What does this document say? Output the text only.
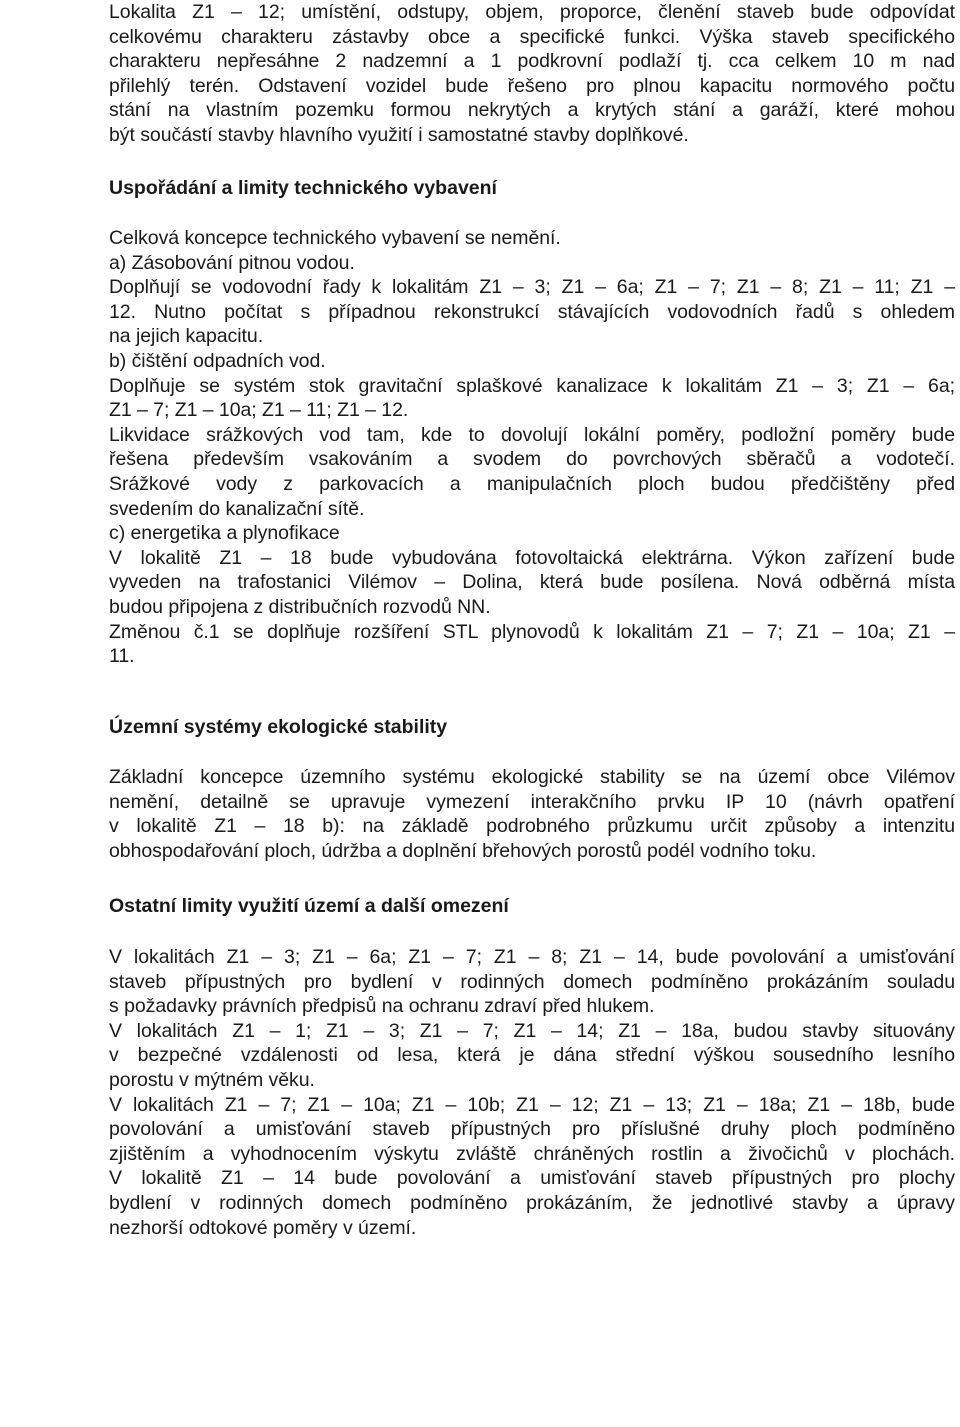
Lokalita Z1 – 12; umístění, odstupy, objem, proporce, členění staveb bude odpovídat

celkovému charakteru zástavby obce a specifické funkci. Výška staveb specifického

charakteru nepřesáhne 2 nadzemní a 1 podkrovní podlaží tj. cca celkem 10 m nad

přilehlý terén. Odstavení vozidel bude řešeno pro plnou kapacitu normového počtu

stání na vlastním pozemku formou nekrytých a krytých stání a garáží, které mohou

být součástí stavby hlavního využití i samostatné stavby doplňkové.

Uspořádání a limity technického vybavení

Celková koncepce technického vybavení se nemění.

a) Zásobování pitnou vodou.

Doplňují se vodovodní řady k lokalitám Z1 – 3; Z1 – 6a; Z1 – 7; Z1 – 8; Z1 – 11; Z1 –

12. Nutno počítat s případnou rekonstrukcí stávajících vodovodních řadů s ohledem

na jejich kapacitu.

b) čištění odpadních vod.

Doplňuje se systém stok gravitační splaškové kanalizace k lokalitám Z1 – 3; Z1 – 6a;

Z1 – 7; Z1 – 10a; Z1 – 11; Z1 – 12.

Likvidace srážkových vod tam, kde to dovolují lokální poměry, podložní poměry bude

řešena především vsakováním a svodem do povrchových sběračů a vodotečí.

Srážkové vody z parkovacích a manipulačních ploch budou předčištěny před

svedením do kanalizační sítě.

c) energetika a plynofikace

V lokalitě Z1 – 18 bude vybudována fotovoltaická elektrárna. Výkon zařízení bude

vyveden na trafostanici Vilémov – Dolina, která bude posílena. Nová odběrná místa

budou připojena z distribučních rozvodů NN.

Změnou č.1 se doplňuje rozšíření STL plynovodů k lokalitám Z1 – 7; Z1 – 10a; Z1 –

11.

Územní systémy ekologické stability

Základní koncepce územního systému ekologické stability se na území obce Vilémov

nemění, detailně se upravuje vymezení interakčního prvku IP 10 (návrh opatření

v lokalitě Z1 – 18 b): na základě podrobného průzkumu určit způsoby a intenzitu

obhospodařování ploch, údržba a doplnění břehových porostů podél vodního toku.

Ostatní limity využití území a další omezení

V lokalitách Z1 – 3; Z1 – 6a; Z1 – 7; Z1 – 8; Z1 – 14, bude povolování a umisťování

staveb přípustných pro bydlení v rodinných domech podmíněno prokázáním souladu

s požadavky právních předpisů na ochranu zdraví před hlukem.

V lokalitách Z1 – 1; Z1 – 3; Z1 – 7; Z1 – 14; Z1 – 18a, budou stavby situovány

v bezpečné vzdálenosti od lesa, která je dána střední výškou sousedního lesního

porostu v mýtném věku.

V lokalitách Z1 – 7; Z1 – 10a; Z1 – 10b; Z1 – 12; Z1 – 13; Z1 – 18a; Z1 – 18b, bude

povolování a umisťování staveb přípustných pro příslušné druhy ploch podmíněno

zjištěním a vyhodnocením výskytu zvláště chráněných rostlin a živočichů v plochách.

V lokalitě Z1 – 14 bude povolování a umisťování staveb přípustných pro plochy

bydlení v rodinných domech podmíněno prokázáním, že jednotlivé stavby a úpravy

nezhorší odtokové poměry v území.
